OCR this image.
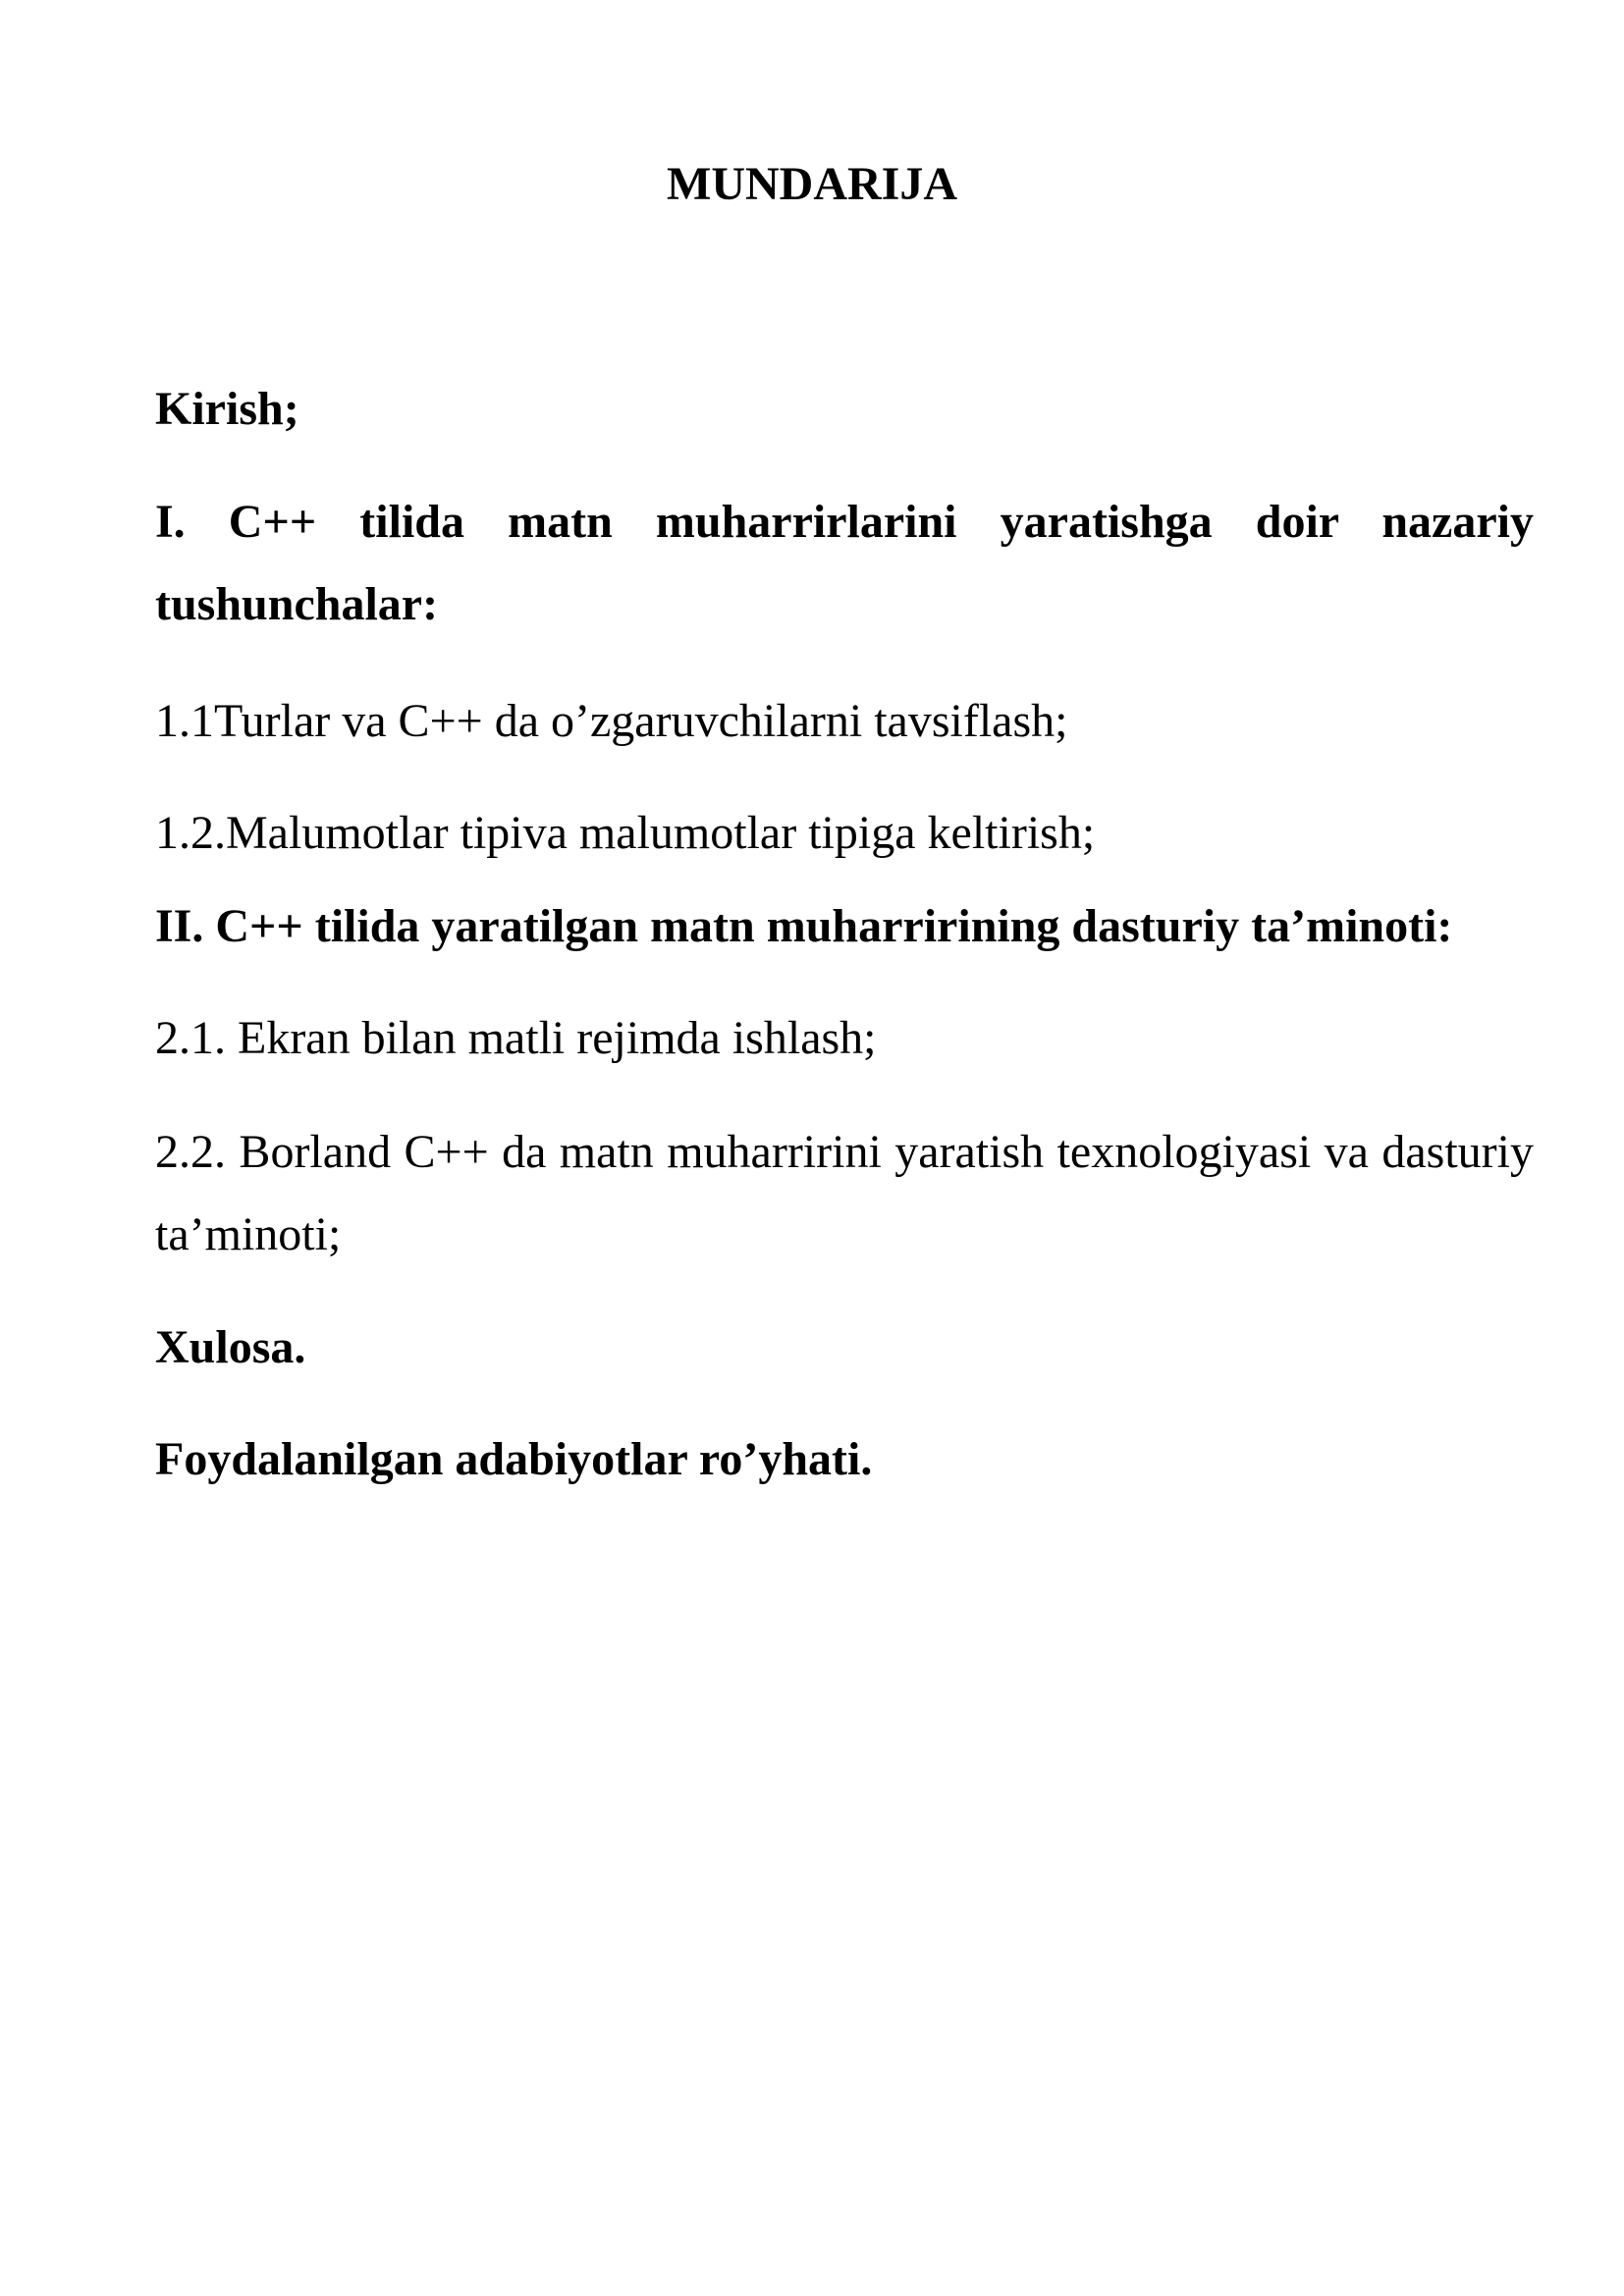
MUNDARIJA

Kirish;

I. C++ tilida matn muharrirlarini yaratishga doir nazariy tushunchalar:

1.1Turlar va C++ da o’zgaruvchilarni tavsiflash;

1.2.Malumotlar tipiva malumotlar tipiga keltirish;

II. C++ tilida yaratilgan matn muharririning dasturiy ta’minoti:

2.1. Ekran bilan matli rejimda ishlash;

2.2. Borland C++ da matn muharririni yaratish texnologiyasi va dasturiy ta’minoti;

Xulosa.

Foydalanilgan adabiyotlar ro’yhati.
